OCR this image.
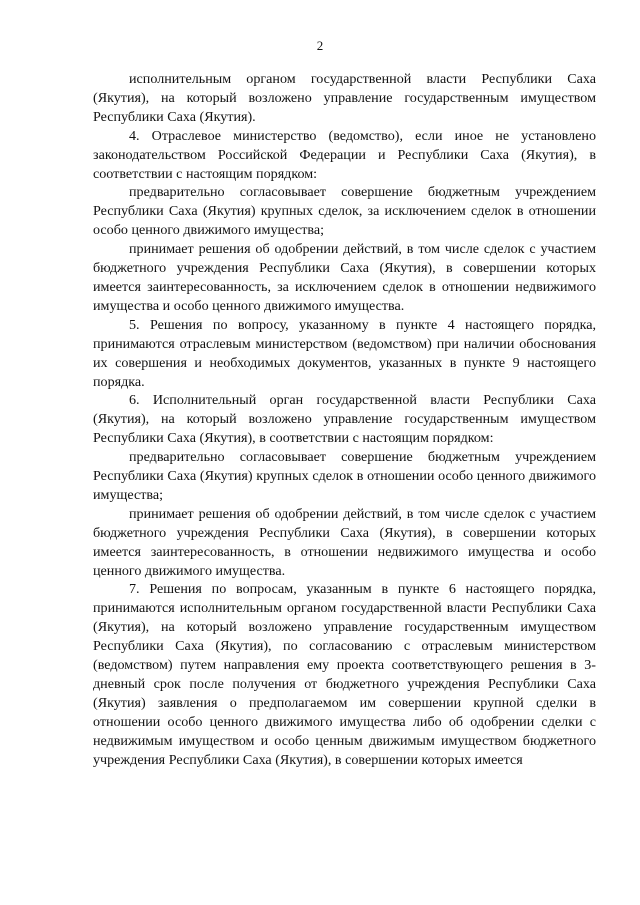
2

исполнительным органом государственной власти Республики Саха (Якутия), на который возложено управление государственным имуществом Республики Саха (Якутия).

4. Отраслевое министерство (ведомство), если иное не установлено законодательством Российской Федерации и Республики Саха (Якутия), в соответствии с настоящим порядком:

предварительно согласовывает совершение бюджетным учреждением Республики Саха (Якутия) крупных сделок, за исключением сделок в отношении особо ценного движимого имущества;

принимает решения об одобрении действий, в том числе сделок с участием бюджетного учреждения Республики Саха (Якутия), в совершении которых имеется заинтересованность, за исключением сделок в отношении недвижимого имущества и особо ценного движимого имущества.

5. Решения по вопросу, указанному в пункте 4 настоящего порядка, принимаются отраслевым министерством (ведомством) при наличии обоснования их совершения и необходимых документов, указанных в пункте 9 настоящего порядка.

6. Исполнительный орган государственной власти Республики Саха (Якутия), на который возложено управление государственным имуществом Республики Саха (Якутия), в соответствии с настоящим порядком:

предварительно согласовывает совершение бюджетным учреждением Республики Саха (Якутия) крупных сделок в отношении особо ценного движимого имущества;

принимает решения об одобрении действий, в том числе сделок с участием бюджетного учреждения Республики Саха (Якутия), в совершении которых имеется заинтересованность, в отношении недвижимого имущества и особо ценного движимого имущества.

7. Решения по вопросам, указанным в пункте 6 настоящего порядка, принимаются исполнительным органом государственной власти Республики Саха (Якутия), на который возложено управление государственным имуществом Республики Саха (Якутия), по согласованию с отраслевым министерством (ведомством) путем направления ему проекта соответствующего решения в 3-дневный срок после получения от бюджетного учреждения Республики Саха (Якутия) заявления о предполагаемом им совершении крупной сделки в отношении особо ценного движимого имущества либо об одобрении сделки с недвижимым имуществом и особо ценным движимым имуществом бюджетного учреждения Республики Саха (Якутия), в совершении которых имеется
